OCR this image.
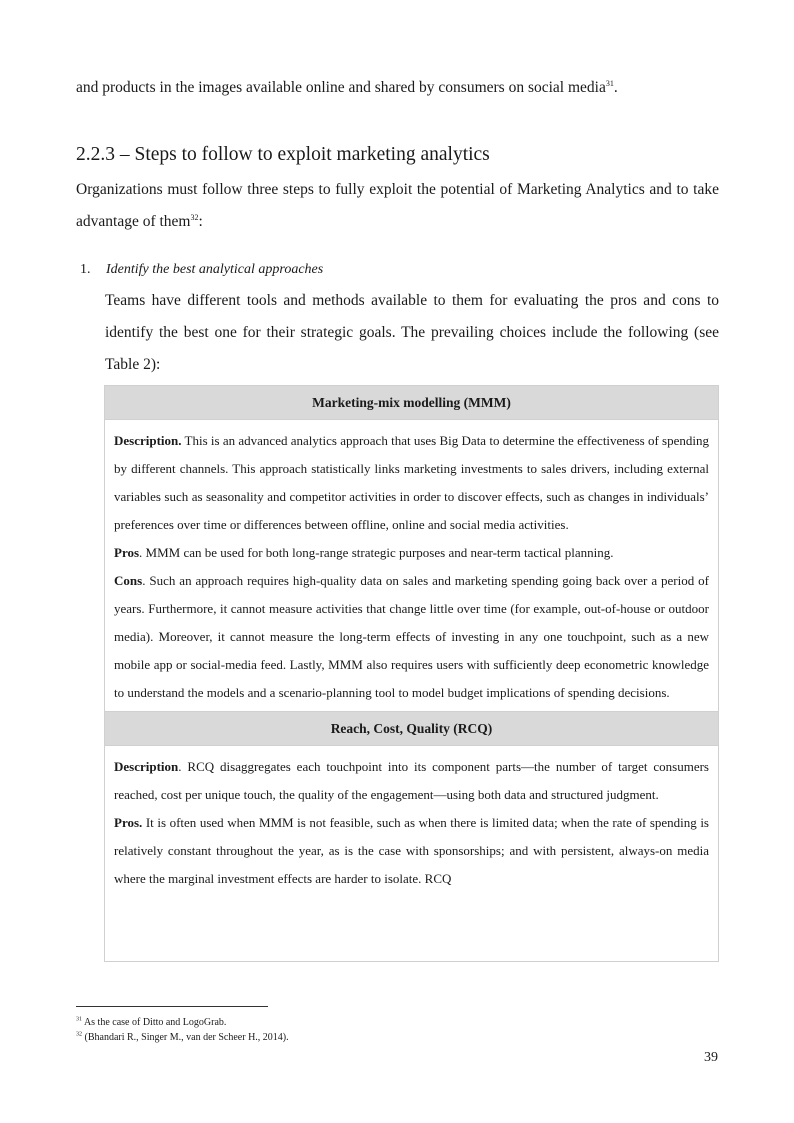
and products in the images available online and shared by consumers on social media$^{31}$.
2.2.3 – Steps to follow to exploit marketing analytics
Organizations must follow three steps to fully exploit the potential of Marketing Analytics and to take advantage of them$^{32}$:
1. Identify the best analytical approaches
Teams have different tools and methods available to them for evaluating the pros and cons to identify the best one for their strategic goals. The prevailing choices include the following (see Table 2):
Marketing-mix modelling (MMM)

Description. This is an advanced analytics approach that uses Big Data to determine the effectiveness of spending by different channels. This approach statistically links marketing investments to sales drivers, including external variables such as seasonality and competitor activities in order to discover effects, such as changes in individuals’ preferences over time or differences between offline, online and social media activities.

Pros. MMM can be used for both long-range strategic purposes and near-term tactical planning.

Cons. Such an approach requires high-quality data on sales and marketing spending going back over a period of years. Furthermore, it cannot measure activities that change little over time (for example, out-of-house or outdoor media). Moreover, it cannot measure the long-term effects of investing in any one touchpoint, such as a new mobile app or social-media feed. Lastly, MMM also requires users with sufficiently deep econometric knowledge to understand the models and a scenario-planning tool to model budget implications of spending decisions.

Reach, Cost, Quality (RCQ)

Description. RCQ disaggregates each touchpoint into its component parts—the number of target consumers reached, cost per unique touch, the quality of the engagement—using both data and structured judgment.

Pros. It is often used when MMM is not feasible, such as when there is limited data; when the rate of spending is relatively constant throughout the year, as is the case with sponsorships; and with persistent, always-on media where the marginal investment effects are harder to isolate. RCQ

$^{31}$ As the case of Ditto and LogoGrab.
$^{32}$ (Bhandari R., Singer M., van der Scheer H., 2014).
39
